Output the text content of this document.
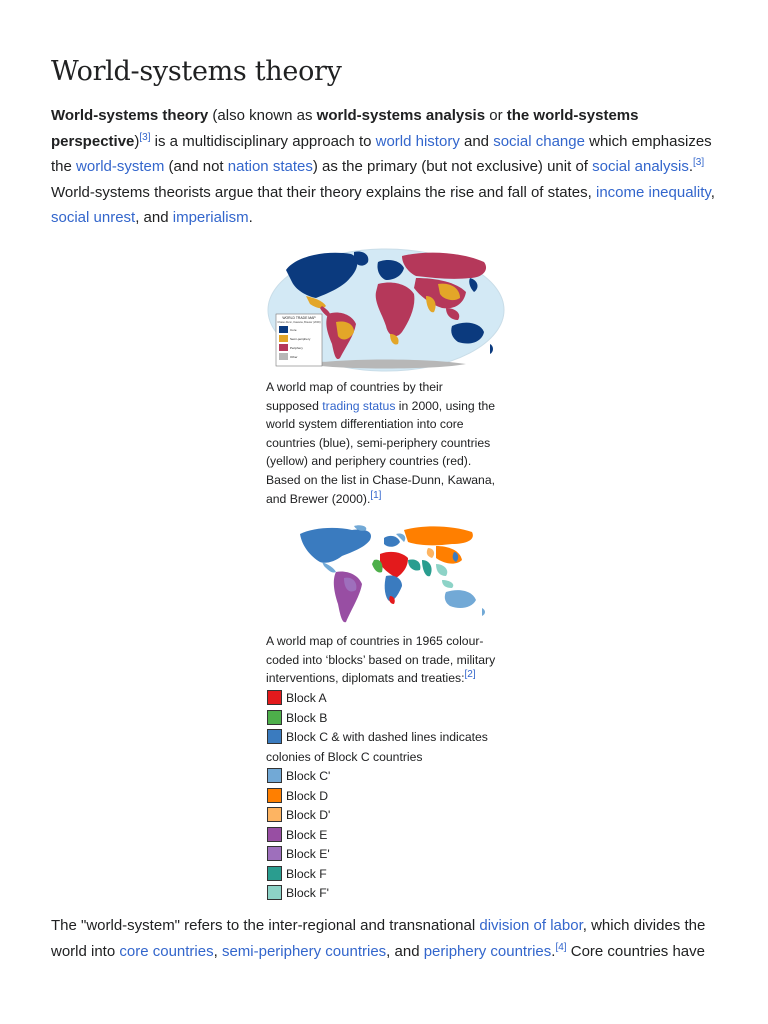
World-systems theory

World-systems theory (also known as world-systems analysis or the world-systems perspective)[3] is a multidisciplinary approach to world history and social change which emphasizes the world-system (and not nation states) as the primary (but not exclusive) unit of social analysis.[3] World-systems theorists argue that their theory explains the rise and fall of states, income inequality, social unrest, and imperialism.

WORLD TRADE MAP
Chase-Dunn, Kawana, Brewer (2000)
Core
Semi-periphery
Periphery
Other

A world map of countries by their supposed trading status in 2000, using the world system differentiation into core countries (blue), semi-periphery countries (yellow) and periphery countries (red). Based on the list in Chase-Dunn, Kawana, and Brewer (2000).[1]

A world map of countries in 1965 colour-coded into ‘blocks’ based on trade, military interventions, diplomats and treaties:[2]

Block A
Block B
Block C & with dashed lines indicates colonies of Block C countries
Block C'
Block D
Block D'
Block E
Block E'
Block F
Block F'

The "world-system" refers to the inter-regional and transnational division of labor, which divides the world into core countries, semi-periphery countries, and periphery countries.[4] Core countries have
